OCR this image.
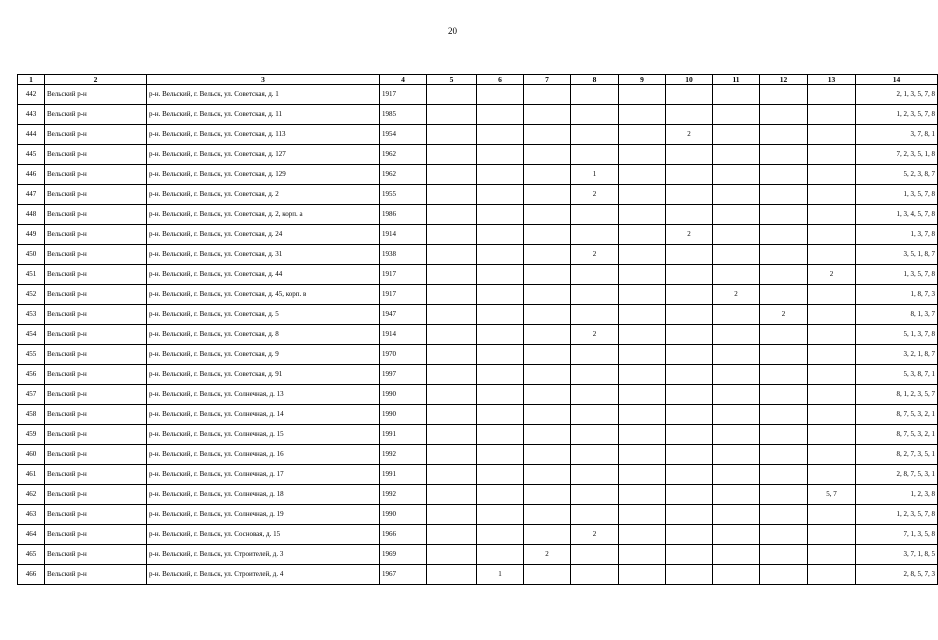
20
1	2	3	4	5	6	7	8	9	10	11	12	13	14
442	Вельский р-н	р-н. Вельский, г. Вельск, ул. Советская, д. 1	1917										2, 1, 3, 5, 7, 8
443	Вельский р-н	р-н. Вельский, г. Вельск, ул. Советская, д. 11	1985										1, 2, 3, 5, 7, 8
444	Вельский р-н	р-н. Вельский, г. Вельск, ул. Советская, д. 113	1954						2				3, 7, 8, 1
445	Вельский р-н	р-н. Вельский, г. Вельск, ул. Советская, д. 127	1962										7, 2, 3, 5, 1, 8
446	Вельский р-н	р-н. Вельский, г. Вельск, ул. Советская, д. 129	1962				1						5, 2, 3, 8, 7
447	Вельский р-н	р-н. Вельский, г. Вельск, ул. Советская, д. 2	1955				2						1, 3, 5, 7, 8
448	Вельский р-н	р-н. Вельский, г. Вельск, ул. Советская, д. 2, корп. а	1986										1, 3, 4, 5, 7, 8
449	Вельский р-н	р-н. Вельский, г. Вельск, ул. Советская, д. 24	1914						2				1, 3, 7, 8
450	Вельский р-н	р-н. Вельский, г. Вельск, ул. Советская, д. 31	1938				2						3, 5, 1, 8, 7
451	Вельский р-н	р-н. Вельский, г. Вельск, ул. Советская, д. 44	1917									2	1, 3, 5, 7, 8
452	Вельский р-н	р-н. Вельский, г. Вельск, ул. Советская, д. 45, корп. в	1917							2			1, 8, 7, 3
453	Вельский р-н	р-н. Вельский, г. Вельск, ул. Советская, д. 5	1947								2		8, 1, 3, 7
454	Вельский р-н	р-н. Вельский, г. Вельск, ул. Советская, д. 8	1914				2						5, 1, 3, 7, 8
455	Вельский р-н	р-н. Вельский, г. Вельск, ул. Советская, д. 9	1970										3, 2, 1, 8, 7
456	Вельский р-н	р-н. Вельский, г. Вельск, ул. Советская, д. 91	1997										5, 3, 8, 7, 1
457	Вельский р-н	р-н. Вельский, г. Вельск, ул. Солнечная, д. 13	1990										8, 1, 2, 3, 5, 7
458	Вельский р-н	р-н. Вельский, г. Вельск, ул. Солнечная, д. 14	1990										8, 7, 5, 3, 2, 1
459	Вельский р-н	р-н. Вельский, г. Вельск, ул. Солнечная, д. 15	1991										8, 7, 5, 3, 2, 1
460	Вельский р-н	р-н. Вельский, г. Вельск, ул. Солнечная, д. 16	1992										8, 2, 7, 3, 5, 1
461	Вельский р-н	р-н. Вельский, г. Вельск, ул. Солнечная, д. 17	1991										2, 8, 7, 5, 3, 1
462	Вельский р-н	р-н. Вельский, г. Вельск, ул. Солнечная, д. 18	1992									5, 7	1, 2, 3, 8
463	Вельский р-н	р-н. Вельский, г. Вельск, ул. Солнечная, д. 19	1990										1, 2, 3, 5, 7, 8
464	Вельский р-н	р-н. Вельский, г. Вельск, ул. Сосновая, д. 15	1966				2						7, 1, 3, 5, 8
465	Вельский р-н	р-н. Вельский, г. Вельск, ул. Строителей, д. 3	1969			2							3, 7, 1, 8, 5
466	Вельский р-н	р-н. Вельский, г. Вельск, ул. Строителей, д. 4	1967		1								2, 8, 5, 7, 3
